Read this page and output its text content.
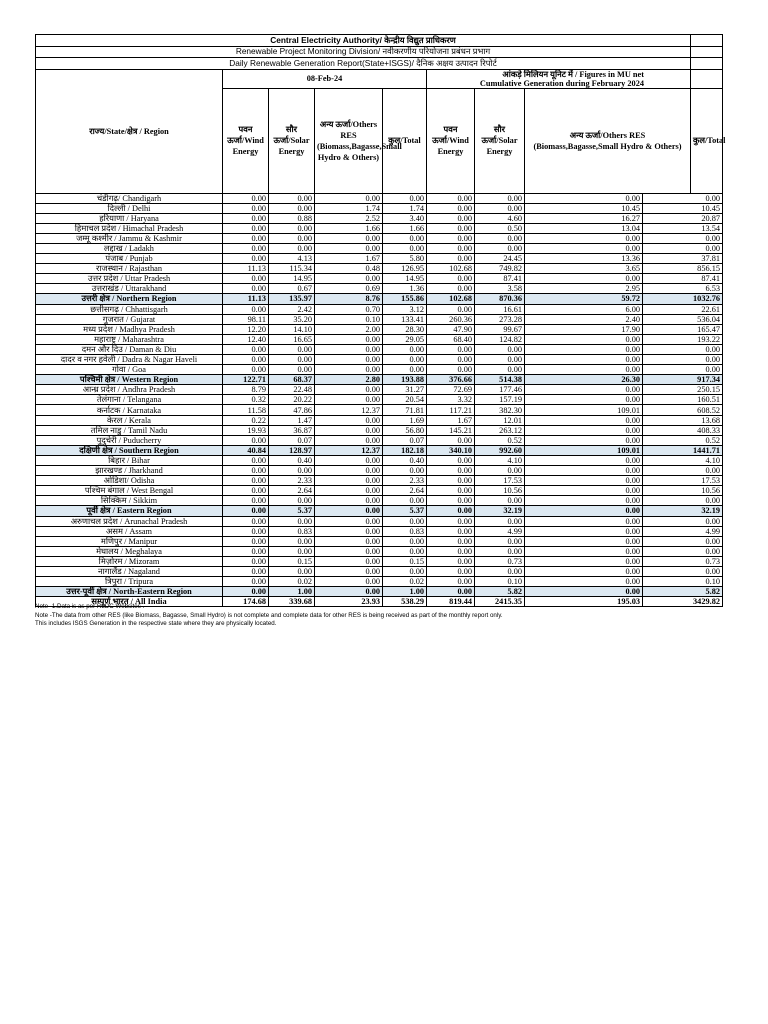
Central Electricity Authority/ केन्द्रीय विद्युत प्राधिकरण									
Renewable Project Monitoring Division/ नवीकरणीय परियोजना प्रबंधन प्रभाग									
Daily Renewable Generation Report(State+ISGS)/ दैनिक अक्षय उत्पादन रिपोर्ट									
राज्य/State/क्षेत्र / Region	08-Feb-24				आंकड़े मिलियन यूनिट में / Figures in MU net
Cumulative Generation during February 2024				

	पवन ऊर्जा/Wind Energy	सौर ऊर्जा/Solar Energy	अन्य ऊर्जा/Others RES (Biomass,Bagasse,Small Hydro & Others)	कुल/Total	पवन ऊर्जा/Wind Energy	सौर ऊर्जा/Solar Energy	अन्य ऊर्जा/Others RES (Biomass,Bagasse,Small Hydro & Others)		कुल/Total
चंडीगढ़/ Chandigarh	0.00	0.00	0.00	0.00	0.00	0.00	0.00	0.00	
दिल्ली / Delhi	0.00	0.00	1.74	1.74	0.00	0.00	10.45	10.45	
हरियाणा / Haryana	0.00	0.88	2.52	3.40	0.00	4.60	16.27	20.87	
हिमाचल प्रदेश / Himachal Pradesh	0.00	0.00	1.66	1.66	0.00	0.50	13.04	13.54	
जम्मू कश्मीर / Jammu & Kashmir	0.00	0.00	0.00	0.00	0.00	0.00	0.00	0.00	
लद्दाख / Ladakh	0.00	0.00	0.00	0.00	0.00	0.00	0.00	0.00	
पंजाब / Punjab	0.00	4.13	1.67	5.80	0.00	24.45	13.36	37.81	
राजस्थान / Rajasthan	11.13	115.34	0.48	126.95	102.68	749.82	3.65	856.15	
उत्तर प्रदेश / Uttar Pradesh	0.00	14.95	0.00	14.95	0.00	87.41	0.00	87.41	
उत्तराखंड / Uttarakhand	0.00	0.67	0.69	1.36	0.00	3.58	2.95	6.53	
उत्तरी क्षेत्र / Northern Region	11.13	135.97	8.76	155.86	102.68	870.36	59.72	1032.76	
छत्तीसगढ़ / Chhattisgarh	0.00	2.42	0.70	3.12	0.00	16.61	6.00	22.61	
गुजरात / Gujarat	98.11	35.20	0.10	133.41	260.36	273.28	2.40	536.04	
मध्य प्रदेश / Madhya Pradesh	12.20	14.10	2.00	28.30	47.90	99.67	17.90	165.47	
महाराष्ट्र / Maharashtra	12.40	16.65	0.00	29.05	68.40	124.82	0.00	193.22	
दमन और दिउ / Daman & Diu	0.00	0.00	0.00	0.00	0.00	0.00	0.00	0.00	
दादर व नगर हवेली / Dadra & Nagar Haveli	0.00	0.00	0.00	0.00	0.00	0.00	0.00	0.00	
गोवा / Goa	0.00	0.00	0.00	0.00	0.00	0.00	0.00	0.00	
पश्चिमी क्षेत्र / Western Region	122.71	68.37	2.80	193.88	376.66	514.38	26.30	917.34	
आन्ध्र प्रदेश / Andhra Pradesh	8.79	22.48	0.00	31.27	72.69	177.46	0.00	250.15	
तेलंगाना / Telangana	0.32	20.22	0.00	20.54	3.32	157.19	0.00	160.51	
कर्नाटक / Karnataka	11.58	47.86	12.37	71.81	117.21	382.30	109.01	608.52	
केरल / Kerala	0.22	1.47	0.00	1.69	1.67	12.01	0.00	13.68	
तमिल नाडु / Tamil Nadu	19.93	36.87	0.00	56.80	145.21	263.12	0.00	408.33	
पुदुचेरी / Puducherry	0.00	0.07	0.00	0.07	0.00	0.52	0.00	0.52	
दक्षिणी क्षेत्र / Southern Region	40.84	128.97	12.37	182.18	340.10	992.60	109.01	1441.71	
बिहार / Bihar	0.00	0.40	0.00	0.40	0.00	4.10	0.00	4.10	
झारखण्ड / Jharkhand	0.00	0.00	0.00	0.00	0.00	0.00	0.00	0.00	
ओडिशा/ Odisha	0.00	2.33	0.00	2.33	0.00	17.53	0.00	17.53	
पश्चिम बंगाल / West Bengal	0.00	2.64	0.00	2.64	0.00	10.56	0.00	10.56	
सिक्किम / Sikkim	0.00	0.00	0.00	0.00	0.00	0.00	0.00	0.00	
पूर्वी क्षेत्र / Eastern Region	0.00	5.37	0.00	5.37	0.00	32.19	0.00	32.19	
अरुणाचल प्रदेश / Arunachal Pradesh	0.00	0.00	0.00	0.00	0.00	0.00	0.00	0.00	
असम / Assam	0.00	0.83	0.00	0.83	0.00	4.99	0.00	4.99	
मणिपुर / Manipur	0.00	0.00	0.00	0.00	0.00	0.00	0.00	0.00	
मेघालय / Meghalaya	0.00	0.00	0.00	0.00	0.00	0.00	0.00	0.00	
मिज़ोरम / Mizoram	0.00	0.15	0.00	0.15	0.00	0.73	0.00	0.73	
नागालैंड / Nagaland	0.00	0.00	0.00	0.00	0.00	0.00	0.00	0.00	
त्रिपुरा / Tripura	0.00	0.02	0.00	0.02	0.00	0.10	0.00	0.10	
उत्तर-पूर्वी क्षेत्र / North-Eastern Region	0.00	1.00	0.00	1.00	0.00	5.82	0.00	5.82	
सम्पूर्ण भारत / All India	174.68	339.68	23.93	538.29	819.44	2415.35	195.03	3429.82	
Note -1.Data is as per RLDC Websites .
Note -The data from other RES (like Biomass, Bagasse, Small Hydro) is not complete and complete data for other RES is being received as part of the monthly report only.
This includes ISGS Generation in the respective state where they are physically located.
